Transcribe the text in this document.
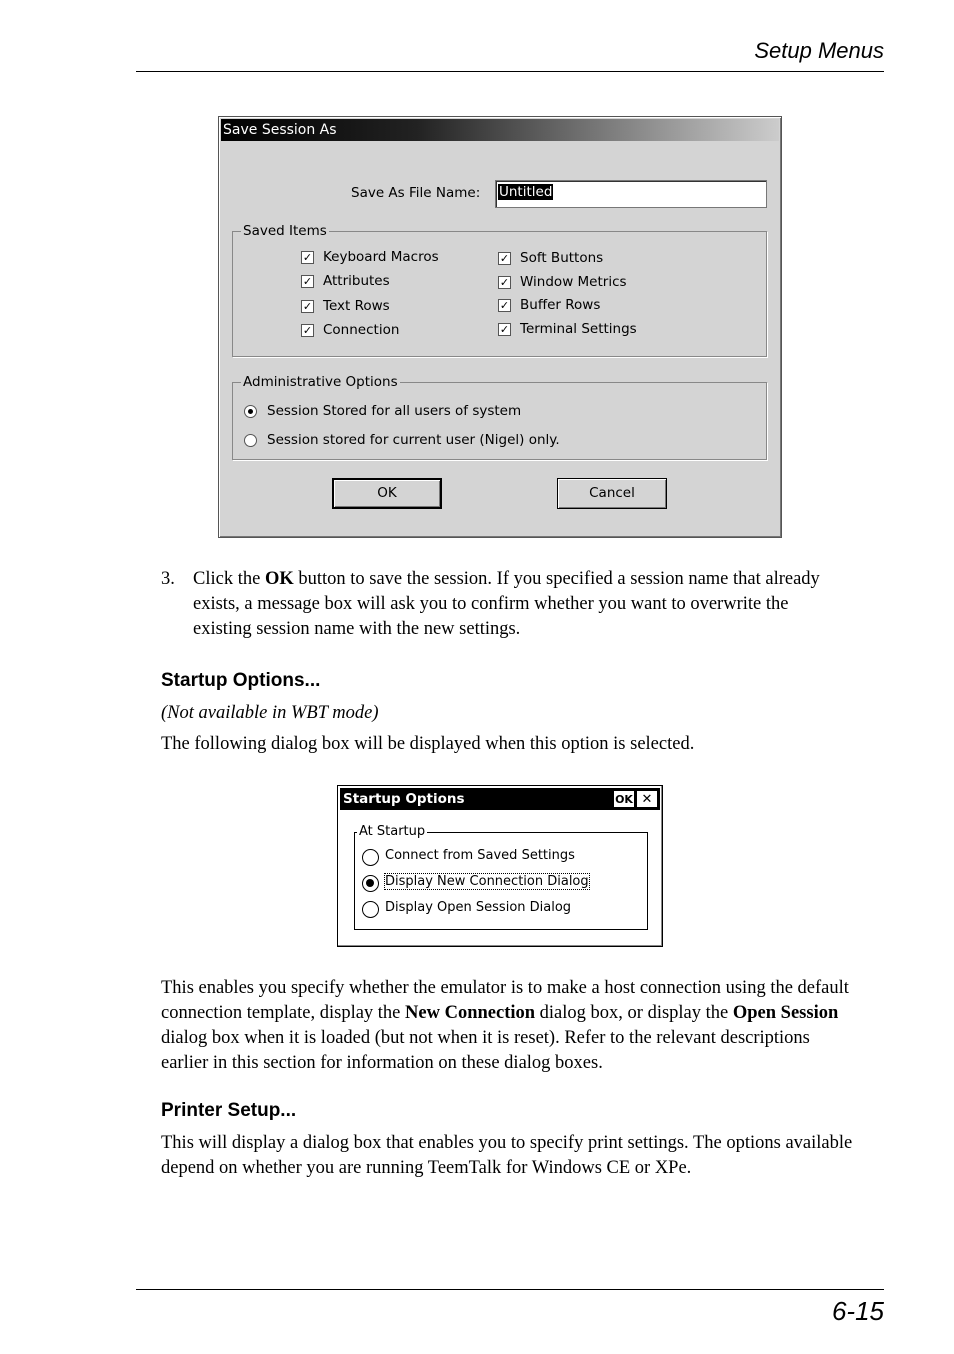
Setup Menus
Save Session As
Save As File Name: Untitled
Saved Items
✓ Keyboard Macros
✓ Attributes
✓ Text Rows
✓ Connection
✓ Soft Buttons
✓ Window Metrics
✓ Buffer Rows
✓ Terminal Settings
Administrative Options
Session Stored for all users of system
Session stored for current user (Nigel) only.
OK	Cancel
3. Click the OK button to save the session. If you specified a session name that already exists, a message box will ask you to confirm whether you want to overwrite the existing session name with the new settings.
Startup Options...
(Not available in WBT mode)
The following dialog box will be displayed when this option is selected.
Startup Options	OK ✕
At Startup
Connect from Saved Settings
Display New Connection Dialog
Display Open Session Dialog
This enables you specify whether the emulator is to make a host connection using the default connection template, display the New Connection dialog box, or display the Open Session dialog box when it is loaded (but not when it is reset). Refer to the relevant descriptions earlier in this section for information on these dialog boxes.
Printer Setup...
This will display a dialog box that enables you to specify print settings. The options available depend on whether you are running TeemTalk for Windows CE or XPe.
6-15
